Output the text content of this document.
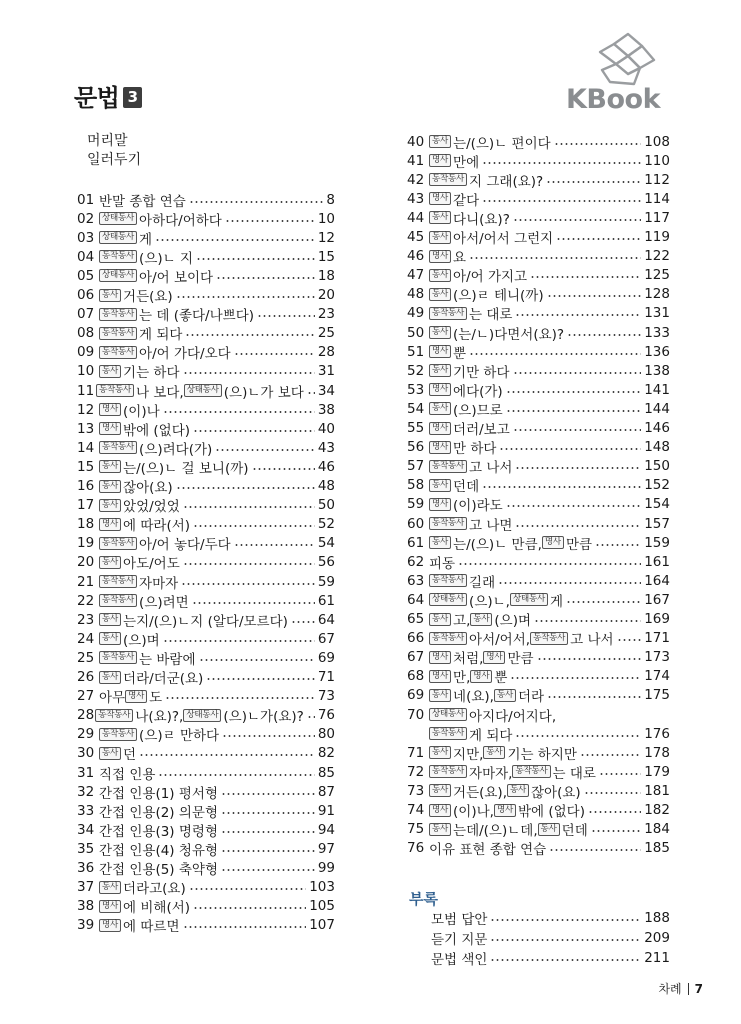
문법 3	KBook
머리말
일러두기
01 반말 종합 연습	8
02 상태동사 아하다/어하다	10
03 상태동사 게	12
04 동작동사 (으)ㄴ 지	15
05 상태동사 아/어 보이다	18
06 동사 거든(요)	20
07 동작동사 는 데 (좋다/나쁘다)	23
08 동작동사 게 되다	25
09 동작동사 아/어 가다/오다	28
10 동사 기는 하다	31
11 동작동사 나 보다, 상태동사 (으)ㄴ가 보다 34
12 명사 (이)나	38
13 명사 밖에 (없다)	40
14 동작동사 (으)려다(가)	43
15 동사 는/(으)ㄴ 걸 보니(까)	46
16 동사 잖아(요)	48
17 동사 았었/었었	50
18 명사 에 따라(서)	52
19 동작동사 아/어 놓다/두다	54
20 동사 아도/어도	56
21 동작동사 자마자	59
22 동작동사 (으)려면	61
23 동사 는지/(으)ㄴ지 (알다/모르다) 64
24 동사 (으)며	67
25 동작동사 는 바람에	69
26 동사 더라/더군(요)	71
27 아무 명사 도	73
28 동작동사 나(요)?, 상태동사 (으)ㄴ가(요)? 76
29 동작동사 (으)ㄹ 만하다	80
30 동사 던	82
31 직접 인용	85
32 간접 인용(1) 평서형	87
33 간접 인용(2) 의문형	91
34 간접 인용(3) 명령형	94
35 간접 인용(4) 청유형	97
36 간접 인용(5) 축약형	99
37 동사 더라고(요)	103
38 명사 에 비해(서)	105
39 명사 에 따르면	107
40 동사 는/(으)ㄴ 편이다	108
41 명사 만에	110
42 동작동사 지 그래(요)?	112
43 명사 같다	114
44 동사 다니(요)?	117
45 동사 아서/어서 그런지	119
46 명사 요	122
47 동사 아/어 가지고	125
48 동사 (으)ㄹ 테니(까)	128
49 동작동사 는 대로	131
50 동사 (는/ㄴ)다면서(요)?	133
51 명사 뿐	136
52 동사 기만 하다	138
53 명사 에다(가)	141
54 동사 (으)므로	144
55 명사 더러/보고	146
56 명사 만 하다	148
57 동작동사 고 나서	150
58 동사 던데	152
59 명사 (이)라도	154
60 동작동사 고 나면	157
61 동사 는/(으)ㄴ 만큼, 명사 만큼	159
62 피동	161
63 동작동사 길래	164
64 상태동사 (으)ㄴ, 상태동사 게	167
65 동사 고, 동사 (으)며	169
66 동작동사 아서/어서, 동작동사 고 나서 171
67 명사 처럼, 명사 만큼	173
68 명사 만, 명사 뿐	174
69 동사 네(요), 동사 더라	175
70 상태동사 아지다/어지다,
동작동사 게 되다	176
71 동사 지만, 동사 기는 하지만	178
72 동작동사 자마자, 동작동사 는 대로	179
73 동사 거든(요), 동사 잖아(요)	181
74 명사 (이)나, 명사 밖에 (없다)	182
75 동사 는데/(으)ㄴ데, 동사 던데	184
76 이유 표현 종합 연습	185
부록
모범 답안	188
듣기 지문	209
문법 색인	211
차례 7
